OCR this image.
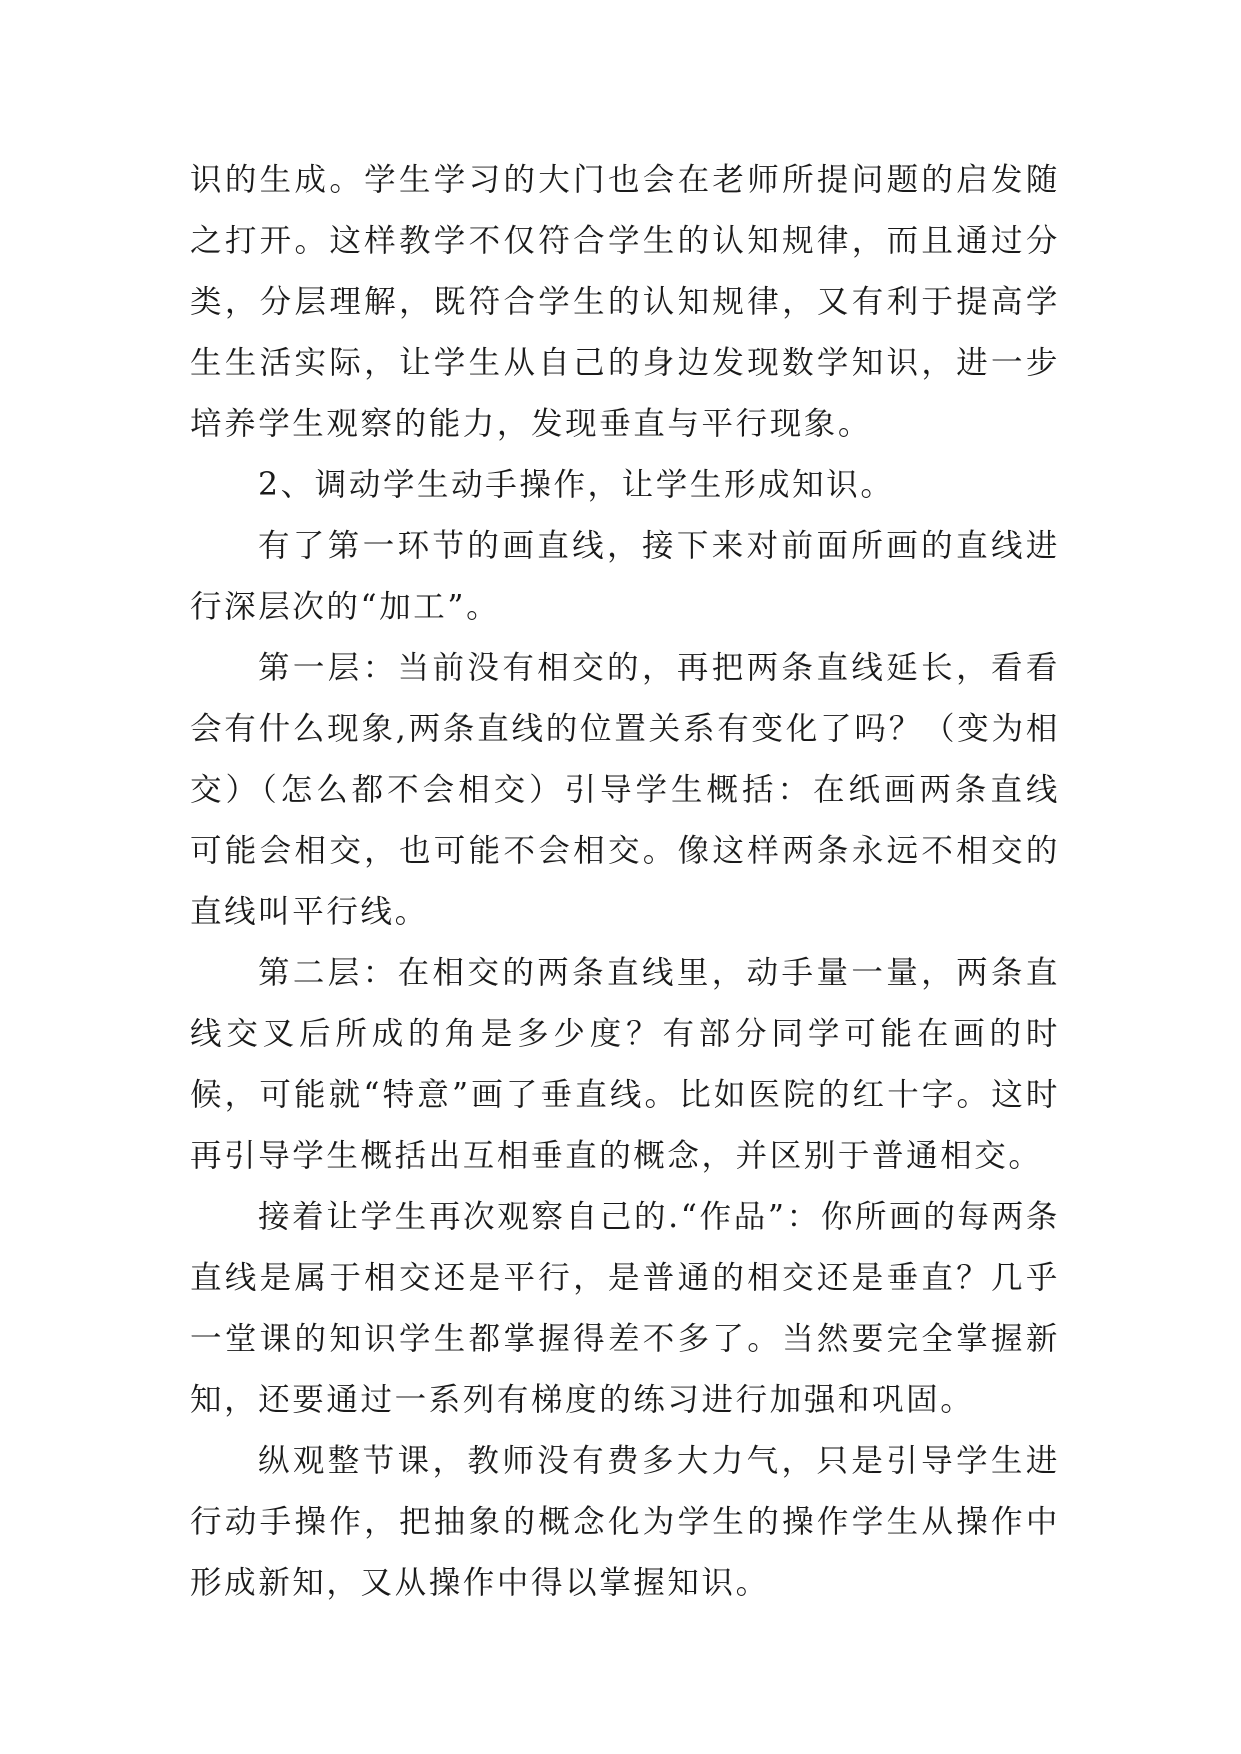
识的生成。学生学习的大门也会在老师所提问题的启发随之打开。这样教学不仅符合学生的认知规律，而且通过分类，分层理解，既符合学生的认知规律，又有利于提高学生生活实际，让学生从自己的身边发现数学知识，进一步培养学生观察的能力，发现垂直与平行现象。

2、调动学生动手操作，让学生形成知识。

有了第一环节的画直线，接下来对前面所画的直线进行深层次的“加工”。

第一层：当前没有相交的，再把两条直线延长，看看会有什么现象,两条直线的位置关系有变化了吗？（变为相交）（怎么都不会相交）引导学生概括：在纸画两条直线可能会相交，也可能不会相交。像这样两条永远不相交的直线叫平行线。

第二层：在相交的两条直线里，动手量一量，两条直线交叉后所成的角是多少度？有部分同学可能在画的时候，可能就“特意”画了垂直线。比如医院的红十字。这时再引导学生概括出互相垂直的概念，并区别于普通相交。

接着让学生再次观察自己的.“作品”：你所画的每两条直线是属于相交还是平行，是普通的相交还是垂直？几乎一堂课的知识学生都掌握得差不多了。当然要完全掌握新知，还要通过一系列有梯度的练习进行加强和巩固。

纵观整节课，教师没有费多大力气，只是引导学生进行动手操作，把抽象的概念化为学生的操作学生从操作中形成新知，又从操作中得以掌握知识。
